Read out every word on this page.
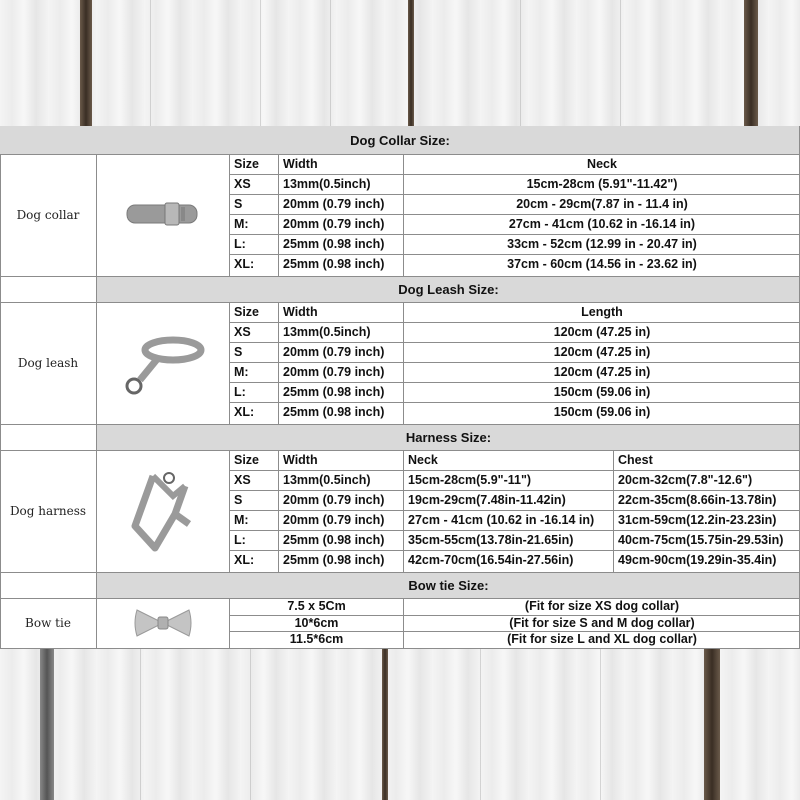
Dog Collar Size:
Dog Leash Size:
Harness Size:
Bow tie Size:
Dog collar
Dog leash
Dog harness
Bow tie
Size	Width	Neck
XS	13mm(0.5inch)	15cm-28cm (5.91"-11.42")
S	20mm (0.79 inch)	20cm - 29cm(7.87 in - 11.4 in)
M:	20mm (0.79 inch)	27cm - 41cm (10.62 in -16.14 in)
L:	25mm (0.98 inch)	33cm - 52cm (12.99 in - 20.47 in)
XL:	25mm (0.98 inch)	37cm - 60cm (14.56 in - 23.62 in)
Size	Width	Length
XS	13mm(0.5inch)	120cm (47.25 in)
S	20mm (0.79 inch)	120cm (47.25 in)
M:	20mm (0.79 inch)	120cm (47.25 in)
L:	25mm (0.98 inch)	150cm (59.06 in)
XL:	25mm (0.98 inch)	150cm (59.06 in)
Size	Width	Neck	Chest
XS	13mm(0.5inch)	15cm-28cm(5.9"-11")	20cm-32cm(7.8"-12.6")
S	20mm (0.79 inch)	19cm-29cm(7.48in-11.42in)	22cm-35cm(8.66in-13.78in)
M:	20mm (0.79 inch)	27cm - 41cm (10.62 in -16.14 in)	31cm-59cm(12.2in-23.23in)
L:	25mm (0.98 inch)	35cm-55cm(13.78in-21.65in)	40cm-75cm(15.75in-29.53in)
XL:	25mm (0.98 inch)	42cm-70cm(16.54in-27.56in)	49cm-90cm(19.29in-35.4in)
7.5 x 5Cm	(Fit for size XS dog collar)
10*6cm	(Fit for size S and M dog collar)
11.5*6cm	(Fit for size L and XL dog collar)
